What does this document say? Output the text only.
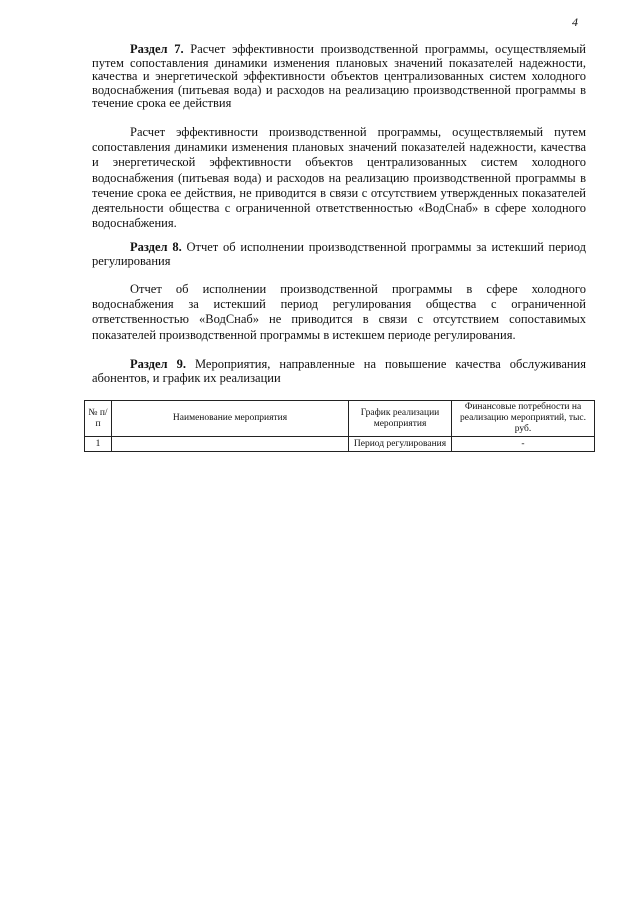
4

Раздел 7. Расчет эффективности производственной программы, осуществляемый путем сопоставления динамики изменения плановых значений показателей надежности, качества и энергетической эффективности объектов централизованных систем холодного водоснабжения (питьевая вода) и расходов на реализацию производственной программы в течение срока ее действия

Расчет эффективности производственной программы, осуществляемый путем сопоставления динамики изменения плановых значений показателей надежности, качества и энергетической эффективности объектов централизованных систем холодного водоснабжения (питьевая вода) и расходов на реализацию производственной программы в течение срока ее действия, не приводится в связи с отсутствием утвержденных показателей деятельности общества с ограниченной ответственностью «ВодСнаб» в сфере холодного водоснабжения.

Раздел 8. Отчет об исполнении производственной программы за истекший период регулирования

Отчет об исполнении производственной программы в сфере холодного водоснабжения за истекший период регулирования общества с ограниченной ответственностью «ВодСнаб» не приводится в связи с отсутствием сопоставимых показателей производственной программы в истекшем периоде регулирования.

Раздел 9. Мероприятия, направленные на повышение качества обслуживания абонентов, и график их реализации

№ п/п	Наименование мероприятия	График реализации мероприятия	Финансовые потребности на реализацию мероприятий, тыс. руб.
1		Период регулирования	-
